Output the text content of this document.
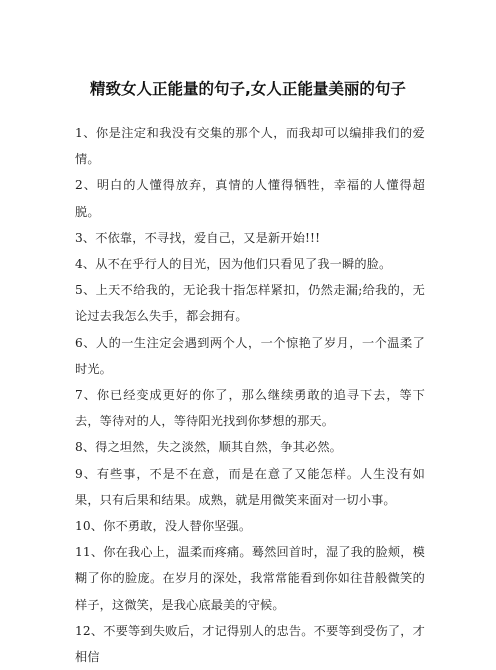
精致女人正能量的句子,女人正能量美丽的句子

1、你是注定和我没有交集的那个人，而我却可以编排我们的爱情。

2、明白的人懂得放弃，真情的人懂得牺牲，幸福的人懂得超脱。

3、不依靠，不寻找，爱自己，又是新开始!!!

4、从不在乎行人的目光，因为他们只看见了我一瞬的脸。

5、上天不给我的，无论我十指怎样紧扣，仍然走漏;给我的，无论过去我怎么失手，都会拥有。

6、人的一生注定会遇到两个人，一个惊艳了岁月，一个温柔了时光。

7、你已经变成更好的你了，那么继续勇敢的追寻下去，等下去，等待对的人，等待阳光找到你梦想的那天。

8、得之坦然，失之淡然，顺其自然，争其必然。

9、有些事，不是不在意，而是在意了又能怎样。人生没有如果，只有后果和结果。成熟，就是用微笑来面对一切小事。

10、你不勇敢，没人替你坚强。

11、你在我心上，温柔而疼痛。蓦然回首时，湿了我的脸颊，模糊了你的脸庞。在岁月的深处，我常常能看到你如往昔般微笑的样子，这微笑，是我心底最美的守候。

12、不要等到失败后，才记得别人的忠告。不要等到受伤了，才相信
